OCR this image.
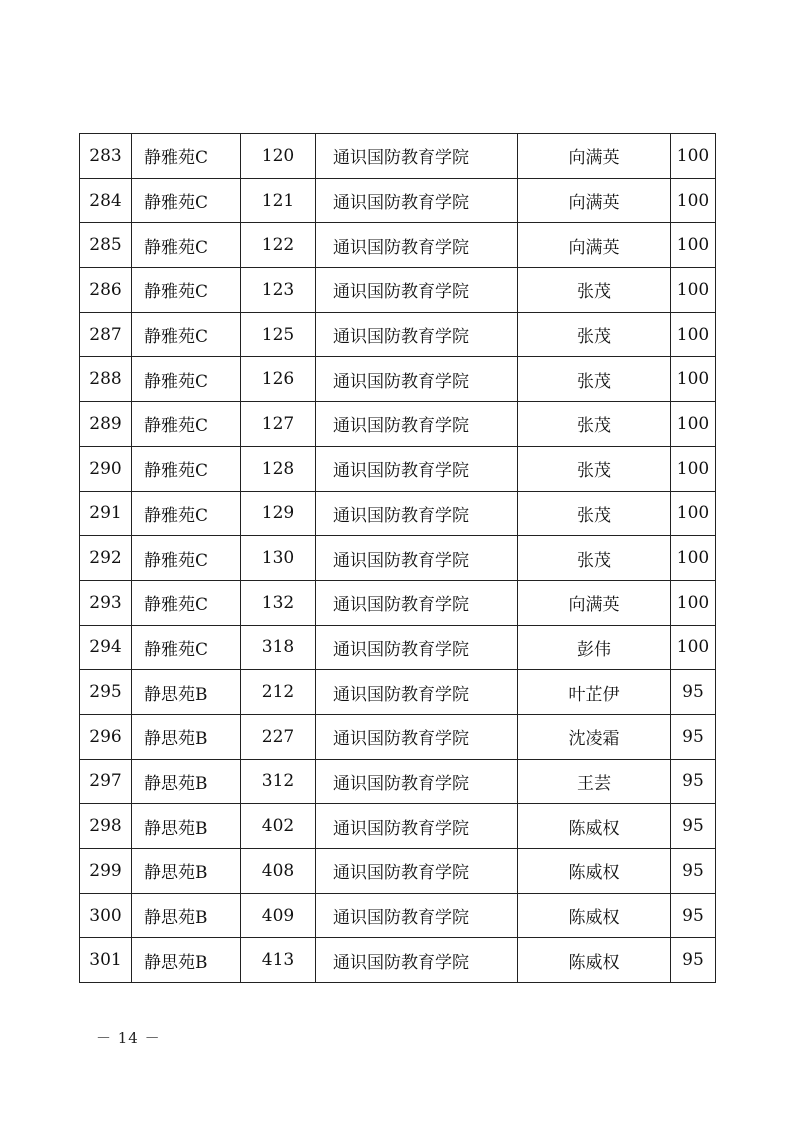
283	静雅苑C	120	通识国防教育学院	向满英	100
284	静雅苑C	121	通识国防教育学院	向满英	100
285	静雅苑C	122	通识国防教育学院	向满英	100
286	静雅苑C	123	通识国防教育学院	张茂	100
287	静雅苑C	125	通识国防教育学院	张茂	100
288	静雅苑C	126	通识国防教育学院	张茂	100
289	静雅苑C	127	通识国防教育学院	张茂	100
290	静雅苑C	128	通识国防教育学院	张茂	100
291	静雅苑C	129	通识国防教育学院	张茂	100
292	静雅苑C	130	通识国防教育学院	张茂	100
293	静雅苑C	132	通识国防教育学院	向满英	100
294	静雅苑C	318	通识国防教育学院	彭伟	100
295	静思苑B	212	通识国防教育学院	叶芷伊	95
296	静思苑B	227	通识国防教育学院	沈凌霜	95
297	静思苑B	312	通识国防教育学院	王芸	95
298	静思苑B	402	通识国防教育学院	陈威权	95
299	静思苑B	408	通识国防教育学院	陈威权	95
300	静思苑B	409	通识国防教育学院	陈威权	95
301	静思苑B	413	通识国防教育学院	陈威权	95
－ 14 －
